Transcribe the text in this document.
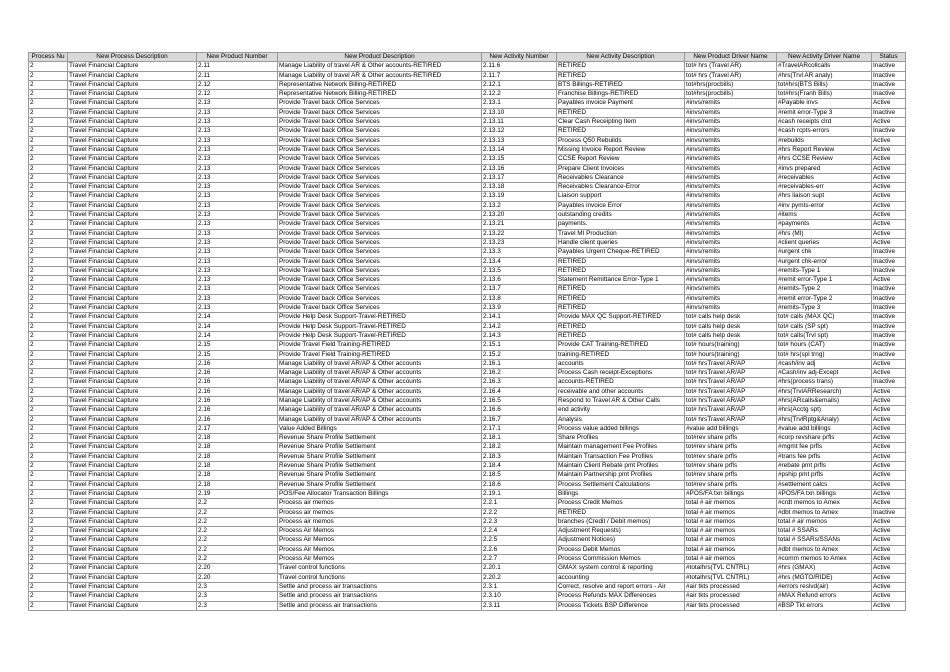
Process Nu	New Process Description	New Product Number	New Product Description	New Activity Number	New Activity Description	New Product Driver Name	New Activity Driver Name	Status
2	Travel Financial Capture	2.11	Manage Liability of travel AR & Other accounts-RETIRED	2.11.6	RETIRED	tot# hrs (Travel AR)	#TravelARcollcalls	Inactive
2	Travel Financial Capture	2.11	Manage Liability of travel AR & Other accounts-RETIRED	2.11.7	RETIRED	tot# hrs (Travel AR)	#hrs(Trvl AR analy)	Inactive
2	Travel Financial Capture	2.12	Representative Network Billing-RETIRED	2.12.1	BTS Billings-RETIRED	tot#hrs(procbills)	tot#hrs(BTS Bills)	Inactive
2	Travel Financial Capture	2.12	Representative Network Billing-RETIRED	2.12.2	Franchise Billings-RETIRED	tot#hrs(procbills)	tot#hrs(Franh Bills)	Inactive
2	Travel Financial Capture	2.13	Provide Travel back Office Services	2.13.1	Payables invoice Payment	#invs/remits	#Payable invs	Active
2	Travel Financial Capture	2.13	Provide Travel back Office Services	2.13.10	RETIRED	#invs/remits	#remit error-Type 3	Inactive
2	Travel Financial Capture	2.13	Provide Travel back Office Services	2.13.11	Clear Cash Receipting Item	#invs/remits	#cash receipts clrd	Active
2	Travel Financial Capture	2.13	Provide Travel back Office Services	2.13.12	RETIRED	#invs/remits	#cash rcpts-errors	Inactive
2	Travel Financial Capture	2.13	Provide Travel back Office Services	2.13.13	Process Q50 Rebuilds	#invs/remits	#rebuilds	Active
2	Travel Financial Capture	2.13	Provide Travel back Office Services	2.13.14	Missing Invoice Report Review	#invs/remits	#hrs Report Review	Active
2	Travel Financial Capture	2.13	Provide Travel back Office Services	2.13.15	CCSE Report Review	#invs/remits	#hrs CCSE Review	Active
2	Travel Financial Capture	2.13	Provide Travel back Office Services	2.13.16	Prepare Client Invoices	#invs/remits	#invs prepared	Active
2	Travel Financial Capture	2.13	Provide Travel back Office Services	2.13.17	Receivables Clearance	#invs/remits	#receivables	Active
2	Travel Financial Capture	2.13	Provide Travel back Office Services	2.13.18	Receivables Clearance-Error	#invs/remits	#receivables-err	Active
2	Travel Financial Capture	2.13	Provide Travel back Office Services	2.13.19	Liaison support	#invs/remits	#hrs liaison supt	Active
2	Travel Financial Capture	2.13	Provide Travel back Office Services	2.13.2	Payables invoice Error	#invs/remits	#inv pymts-error	Active
2	Travel Financial Capture	2.13	Provide Travel back Office Services	2.13.20	outstanding credits	#invs/remits	#items	Active
2	Travel Financial Capture	2.13	Provide Travel back Office Services	2.13.21	payments.	#invs/remits	#payments	Active
2	Travel Financial Capture	2.13	Provide Travel back Office Services	2.13.22	Travel MI Production	#invs/remits	#hrs (MI)	Active
2	Travel Financial Capture	2.13	Provide Travel back Office Services	2.13.23	Handle client queries	#invs/remits	#client queries	Active
2	Travel Financial Capture	2.13	Provide Travel back Office Services	2.13.3	Payables Urgent Cheque-RETIRED	#invs/remits	#urgent chk	Inactive
2	Travel Financial Capture	2.13	Provide Travel back Office Services	2.13.4	RETIRED	#invs/remits	#urgent chk-error	Inactive
2	Travel Financial Capture	2.13	Provide Travel back Office Services	2.13.5	RETIRED	#invs/remits	#remits-Type 1	Inactive
2	Travel Financial Capture	2.13	Provide Travel back Office Services	2.13.6	Statement Remittance Error-Type 1	#invs/remits	#remit error-Type 1	Active
2	Travel Financial Capture	2.13	Provide Travel back Office Services	2.13.7	RETIRED	#invs/remits	#remits-Type 2	Inactive
2	Travel Financial Capture	2.13	Provide Travel back Office Services	2.13.8	RETIRED	#invs/remits	#remit error-Type 2	Inactive
2	Travel Financial Capture	2.13	Provide Travel back Office Services	2.13.9	RETIRED	#invs/remits	#remits-Type 3	Inactive
2	Travel Financial Capture	2.14	Provide Help Desk Support-Travel-RETIRED	2.14.1	Provide MAX QC Support-RETIRED	tot# calls help desk	tot# calls (MAX QC)	Inactive
2	Travel Financial Capture	2.14	Provide Help Desk Support-Travel-RETIRED	2.14.2	RETIRED	tot# calls help desk	tot# calls (SP spt)	Inactive
2	Travel Financial Capture	2.14	Provide Help Desk Support-Travel-RETIRED	2.14.3	RETIRED	tot# calls help desk	tot# calls(Trvl spt)	Inactive
2	Travel Financial Capture	2.15	Provide Travel Field Training-RETIRED	2.15.1	Provide CAT Training-RETIRED	tot# hours(training)	tot# hours (CAT)	Inactive
2	Travel Financial Capture	2.15	Provide Travel Field Training-RETIRED	2.15.2	training-RETIRED	tot# hours(training)	tot# hrs(spl trng)	Inactive
2	Travel Financial Capture	2.16	Manage Liability of travel AR/AP & Other accounts	2.16.1	accounts	tot# hrsTravel AR/AP	#cash/inv adj	Active
2	Travel Financial Capture	2.16	Manage Liability of travel AR/AP & Other accounts	2.16.2	Process Cash receipt-Exceptions	tot# hrsTravel AR/AP	#Cash/inv adj-Except	Active
2	Travel Financial Capture	2.16	Manage Liability of travel AR/AP & Other accounts	2.16.3	accounts-RETIRED	tot# hrsTravel AR/AP	#hrs(process trans)	Inactive
2	Travel Financial Capture	2.16	Manage Liability of travel AR/AP & Other accounts	2.16.4	receivable and other accounts	tot# hrsTravel AR/AP	#hrs(TrvlARResearch)	Active
2	Travel Financial Capture	2.16	Manage Liability of travel AR/AP & Other accounts	2.16.5	Respond to Travel AR & Other Calls	tot# hrsTravel AR/AP	#hrs(ARcalls&emails)	Active
2	Travel Financial Capture	2.16	Manage Liability of travel AR/AP & Other accounts	2.16.6	end activity	tot# hrsTravel AR/AP	#hrs(Acctg spt)	Active
2	Travel Financial Capture	2.16	Manage Liability of travel AR/AP & Other accounts	2.16.7	Analysis	tot# hrsTravel AR/AP	#hrs(TrvlRptg&Analy)	Active
2	Travel Financial Capture	2.17	Value Added Billings	2.17.1	Process value added billings	#value add billings	#value add billings	Active
2	Travel Financial Capture	2.18	Revenue Share Profile Settlement	2.18.1	Share Profiles	tot#rev share prfls	#corp revshare prfls	Active
2	Travel Financial Capture	2.18	Revenue Share Profile Settlement	2.18.2	Maintain management Fee Profiles	tot#rev share prfls	#mgmt fee prfls	Active
2	Travel Financial Capture	2.18	Revenue Share Profile Settlement	2.18.3	Maintain Transaction Fee Profiles	tot#rev share prfls	#trans fee prfls	Active
2	Travel Financial Capture	2.18	Revenue Share Profile Settlement	2.18.4	Maintain Client Rebate pmt Profiles	tot#rev share prfls	#rebate pmt prfls	Active
2	Travel Financial Capture	2.18	Revenue Share Profile Settlement	2.18.5	Maintain Partnership pmt Profiles	tot#rev share prfls	#pship pmt prfls	Active
2	Travel Financial Capture	2.18	Revenue Share Profile Settlement	2.18.6	Process Settlement Calculations	tot#rev share prfls	#settlement calcs	Active
2	Travel Financial Capture	2.19	POS/Fee Allocator Transaction Billings	2.19.1	Billings	#POS/FA txn billings	#POS/FA txn billings	Active
2	Travel Financial Capture	2.2	Process air memos	2.2.1	Process Credit Memos	total # air memos	#crdt memos to Amex	Active
2	Travel Financial Capture	2.2	Process air memos	2.2.2	RETIRED	total # air memos	#dbt memos to Amex	Inactive
2	Travel Financial Capture	2.2	Process air memos	2.2.3	branches (Credit / Debit memos)	total # air memos	total # air memos	Active
2	Travel Financial Capture	2.2	Process Air Memos	2.2.4	Adjustment Requests)	total # air memos	total # SSARs	Active
2	Travel Financial Capture	2.2	Process Air Memos	2.2.5	Adjustment Notices)	total # air memos	total # SSARs/SSANs	Active
2	Travel Financial Capture	2.2	Process Air Memos	2.2.6	Process Debit Memos	total # air memos	#dbt memos to Amex	Active
2	Travel Financial Capture	2.2	Process Air Memos	2.2.7	Process Commission Memos	total # air memos	#comm memos to Amex	Active
2	Travel Financial Capture	2.20	Travel control functions	2.20.1	GMAX system control & reporting	#totalhrs(TVL CNTRL)	#hrs (GMAX)	Active
2	Travel Financial Capture	2.20	Travel control functions	2.20.2	accounting	#totalhrs(TVL CNTRL)	#hrs (MGTO/RIDE)	Active
2	Travel Financial Capture	2.3	Settle and process air transactions	2.3.1	Correct, resolve and report errors - Air	#air tkts processed	#errors reslvd(air)	Active
2	Travel Financial Capture	2.3	Settle and process air transactions	2.3.10	Process Refunds MAX Differences	#air tkts processed	#MAX Refund errors	Active
2	Travel Financial Capture	2.3	Settle and process air transactions	2.3.11	Process Tickets BSP Difference	#air tkts processed	#BSP Tkt errors	Active
